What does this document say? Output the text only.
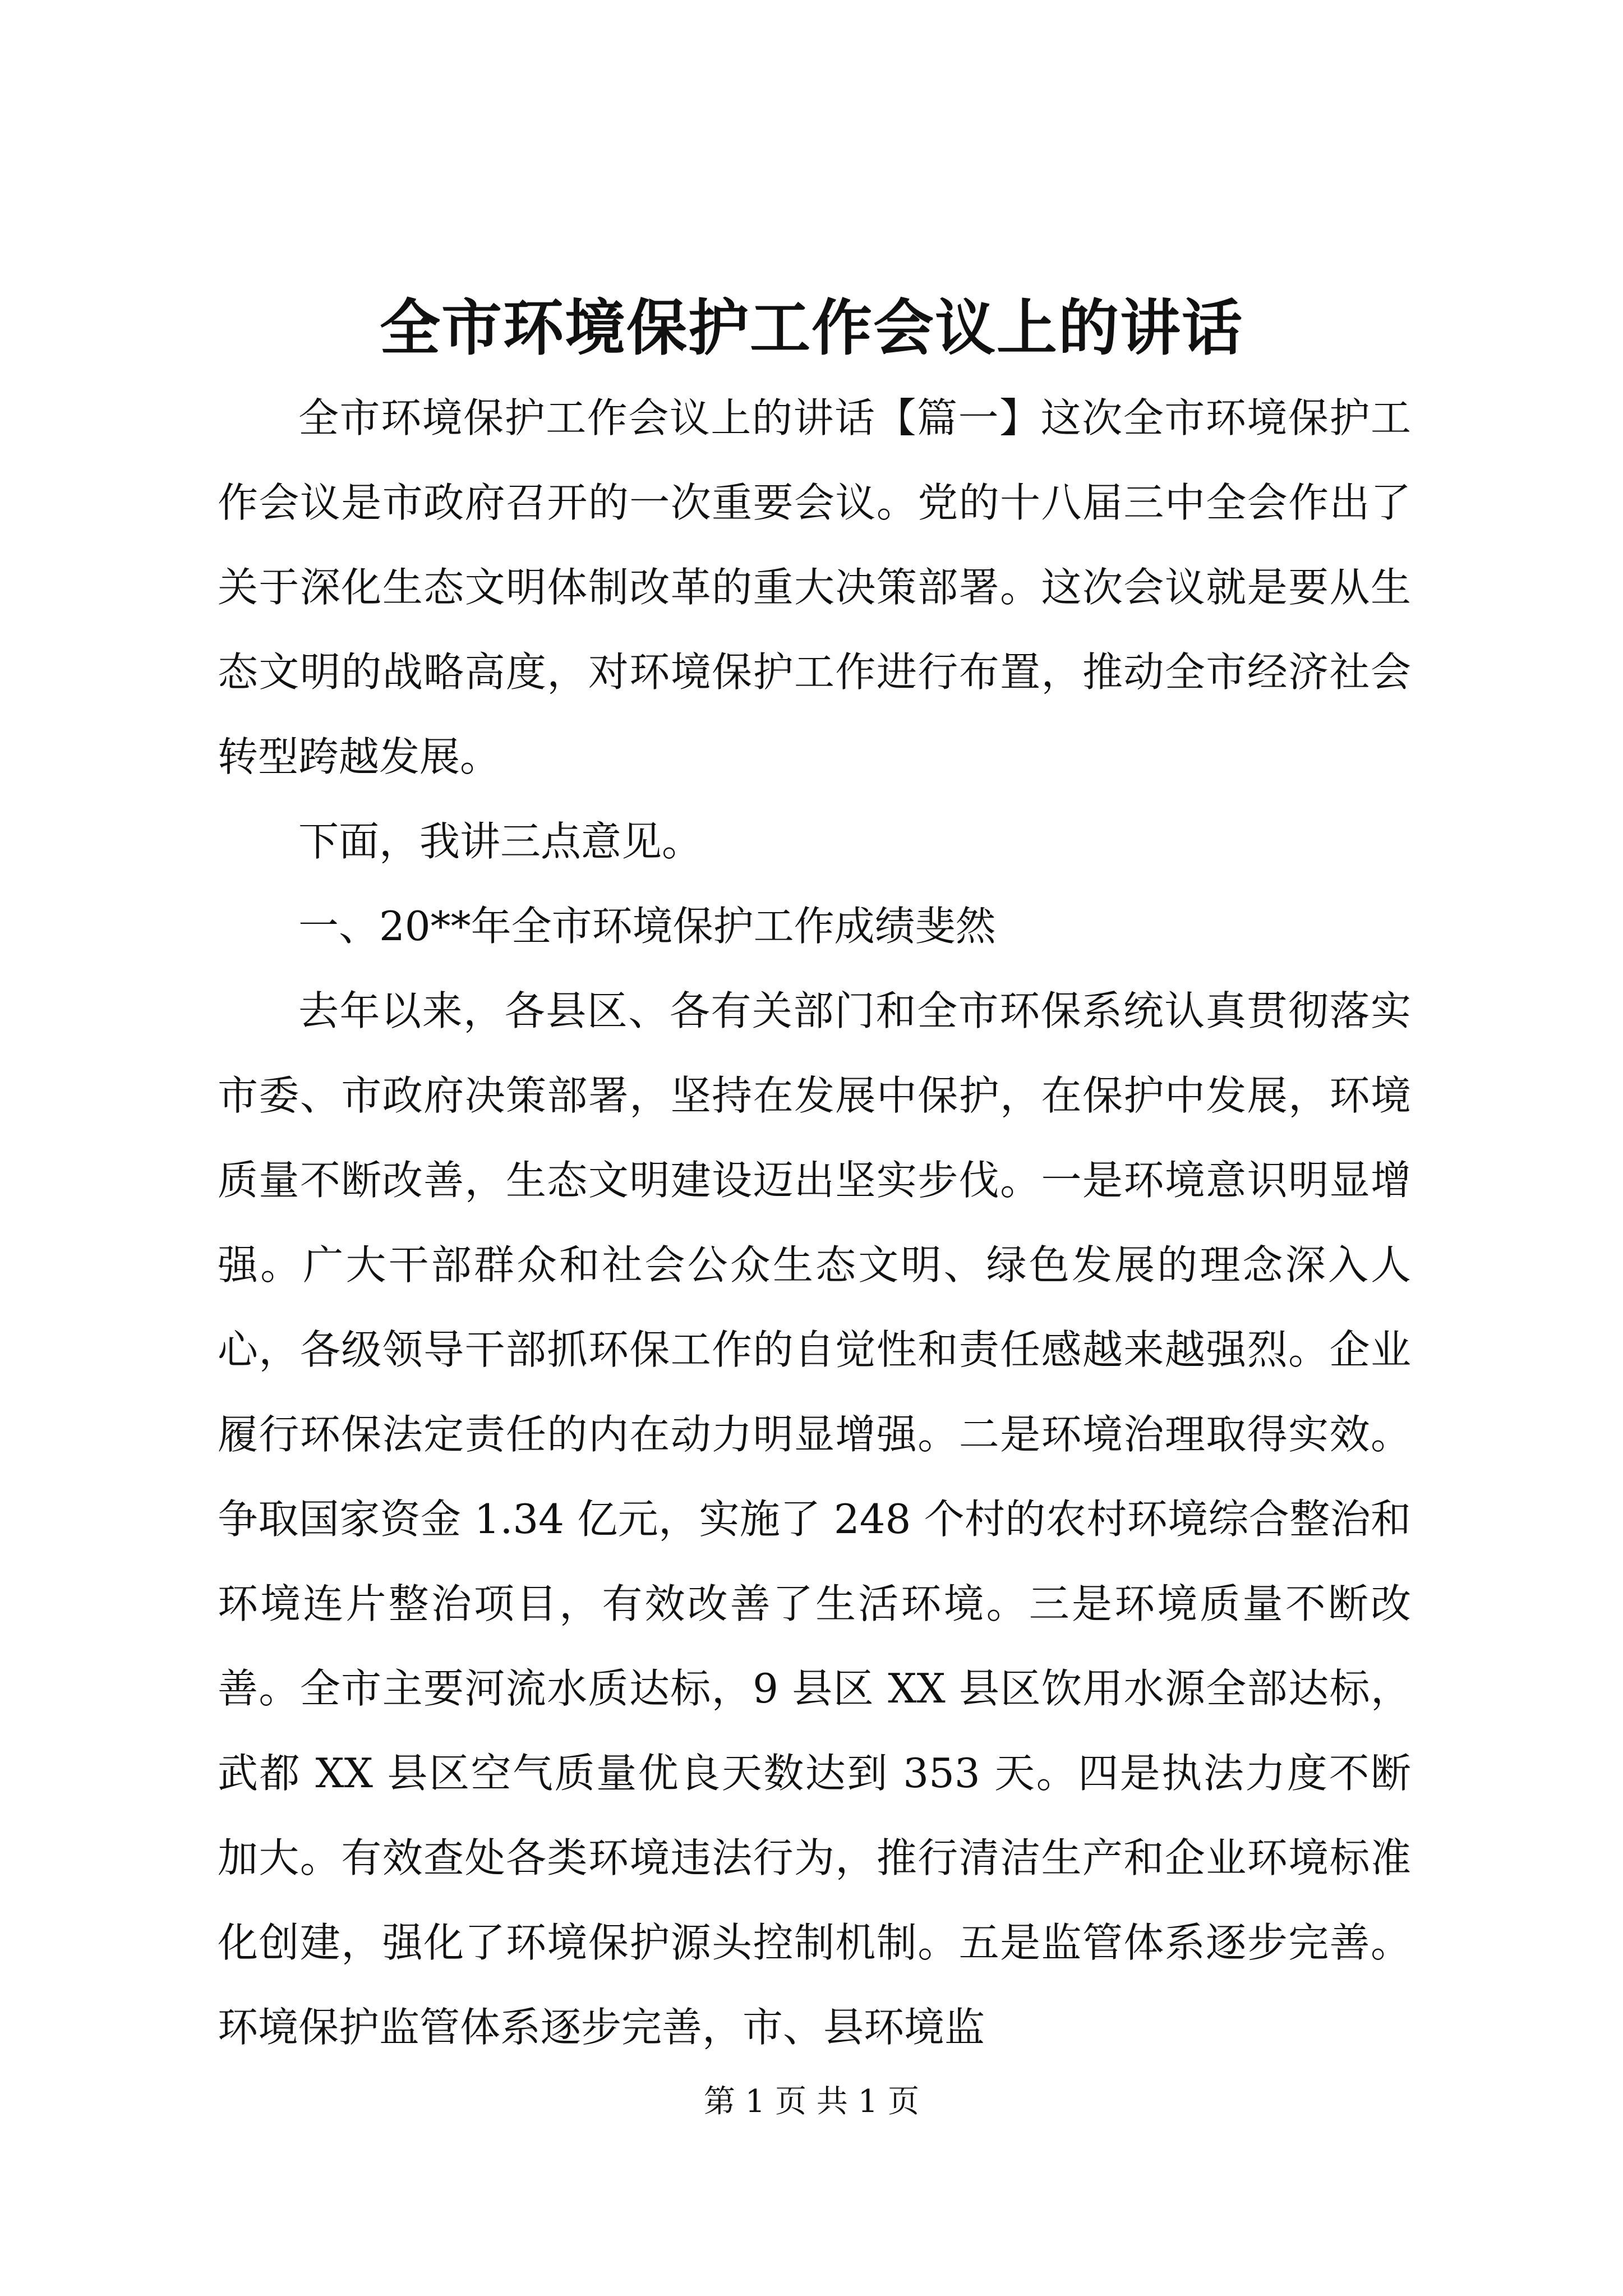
全市环境保护工作会议上的讲话

全市环境保护工作会议上的讲话【篇一】这次全市环境保护工作会议是市政府召开的一次重要会议。党的十八届三中全会作出了关于深化生态文明体制改革的重大决策部署。这次会议就是要从生态文明的战略高度，对环境保护工作进行布置，推动全市经济社会转型跨越发展。

下面，我讲三点意见。

一、20**年全市环境保护工作成绩斐然

去年以来，各县区、各有关部门和全市环保系统认真贯彻落实市委、市政府决策部署，坚持在发展中保护，在保护中发展，环境质量不断改善，生态文明建设迈出坚实步伐。一是环境意识明显增强。广大干部群众和社会公众生态文明、绿色发展的理念深入人心，各级领导干部抓环保工作的自觉性和责任感越来越强烈。企业履行环保法定责任的内在动力明显增强。二是环境治理取得实效。争取国家资金 1.34 亿元，实施了 248 个村的农村环境综合整治和环境连片整治项目，有效改善了生活环境。三是环境质量不断改善。全市主要河流水质达标，9 县区 XX 县区饮用水源全部达标，武都 XX 县区空气质量优良天数达到 353 天。四是执法力度不断加大。有效查处各类环境违法行为，推行清洁生产和企业环境标准化创建，强化了环境保护源头控制机制。五是监管体系逐步完善。环境保护监管体系逐步完善，市、县环境监

第 1 页 共 1 页
